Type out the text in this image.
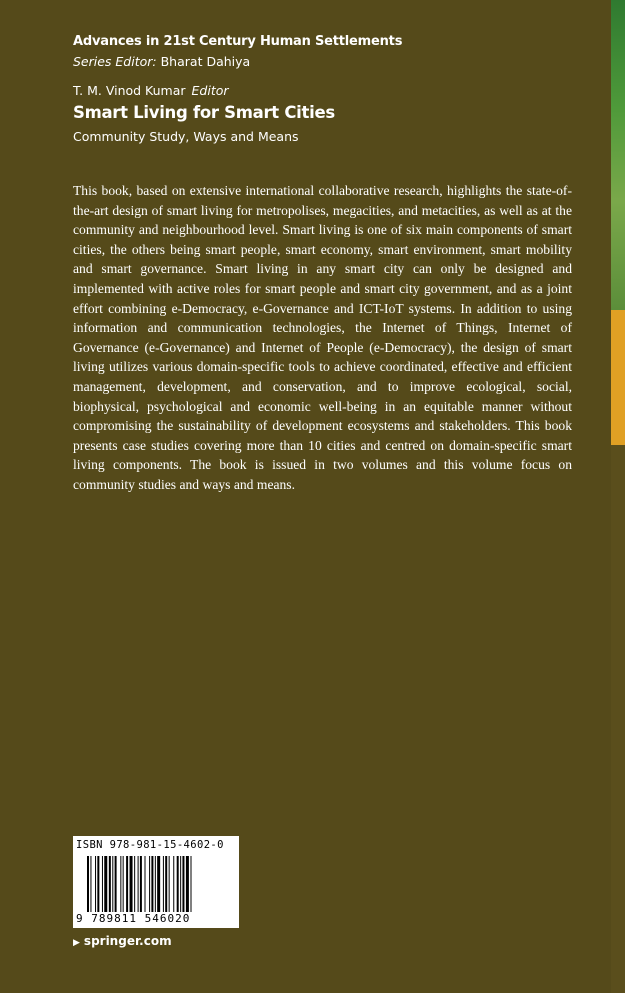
Advances in 21st Century Human Settlements
Series Editor: Bharat Dahiya
T. M. Vinod Kumar Editor
Smart Living for Smart Cities
Community Study, Ways and Means

This book, based on extensive international collaborative research, highlights the state-of-the-art design of smart living for metropolises, megacities, and metacities, as well as at the community and neighbourhood level. Smart living is one of six main components of smart cities, the others being smart people, smart economy, smart environment, smart mobility and smart governance. Smart living in any smart city can only be designed and implemented with active roles for smart people and smart city government, and as a joint effort combining e-Democracy, e-Governance and ICT-IoT systems. In addition to using information and communication technologies, the Internet of Things, Internet of Governance (e-Governance) and Internet of People (e-Democracy), the design of smart living utilizes various domain-specific tools to achieve coordinated, effective and efficient management, development, and conservation, and to improve ecological, social, biophysical, psychological and economic well-being in an equitable manner without compromising the sustainability of development ecosystems and stakeholders. This book presents case studies covering more than 10 cities and centred on domain-specific smart living components. The book is issued in two volumes and this volume focus on community studies and ways and means.

ISBN 978-981-15-4602-0
9 789811 546020
▶ springer.com
